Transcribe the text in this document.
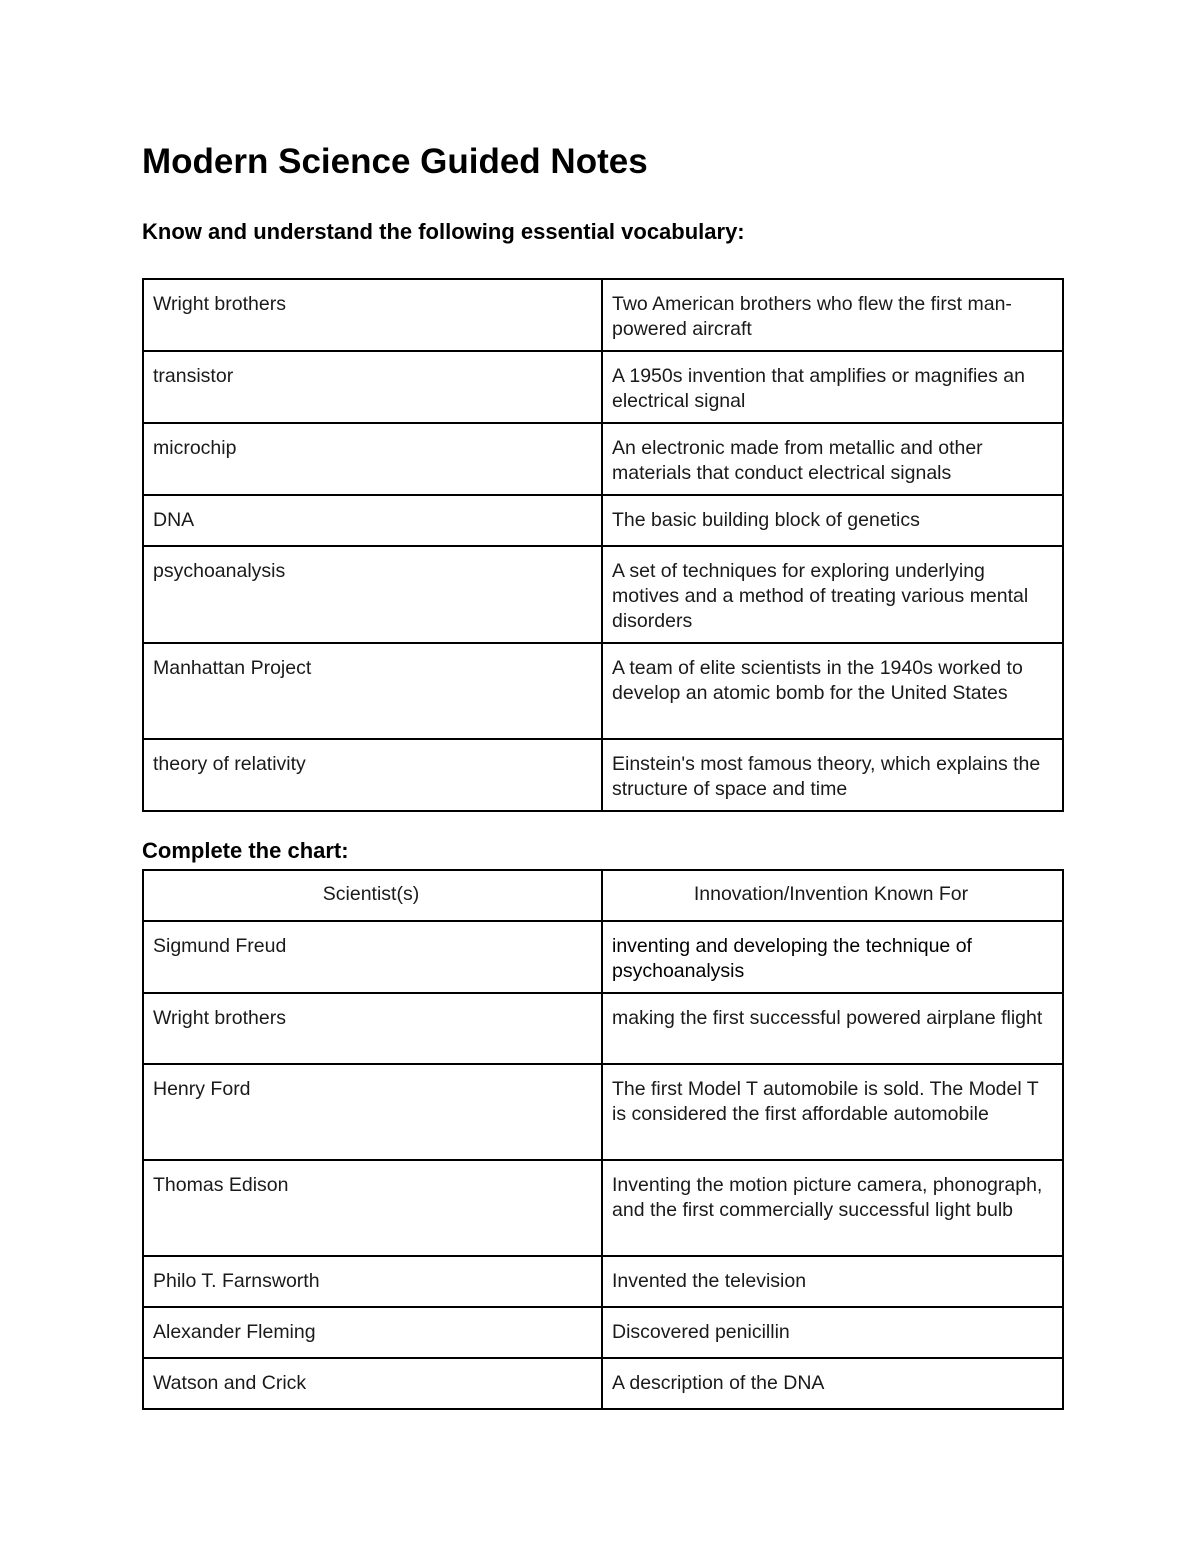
Modern Science Guided Notes

Know and understand the following essential vocabulary:

Wright brothers	Two American brothers who flew the first man-powered aircraft
transistor	A 1950s invention that amplifies or magnifies an electrical signal
microchip	An electronic made from metallic and other materials that conduct electrical signals
DNA	The basic building block of genetics
psychoanalysis	A set of techniques for exploring underlying motives and a method of treating various mental disorders
Manhattan Project	A team of elite scientists in the 1940s worked to develop an atomic bomb for the United States
theory of relativity	Einstein's most famous theory, which explains the structure of space and time

Complete the chart:

Scientist(s)	Innovation/Invention Known For
Sigmund Freud	inventing and developing the technique of psychoanalysis
Wright brothers	making the first successful powered airplane flight
Henry Ford	The first Model T automobile is sold. The Model T is considered the first affordable automobile
Thomas Edison	Inventing the motion picture camera, phonograph, and the first commercially successful light bulb
Philo T. Farnsworth	Invented the television
Alexander Fleming	Discovered penicillin
Watson and Crick	A description of the DNA
